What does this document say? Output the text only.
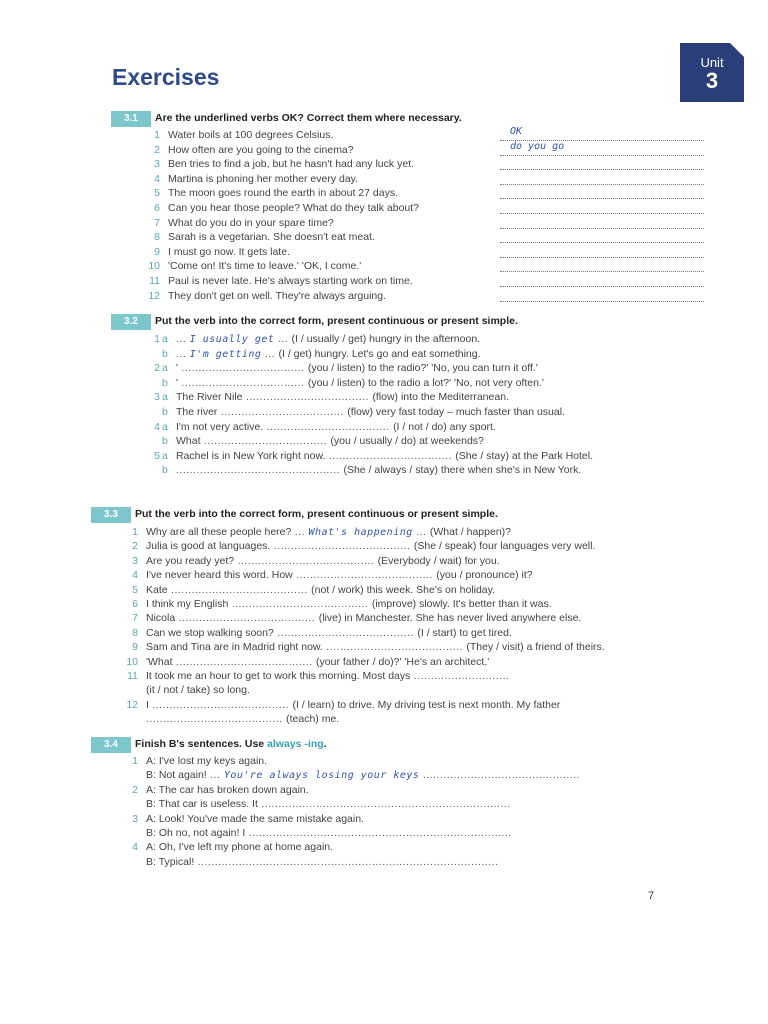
Exercises
Unit
3
3.1	Are the underlined verbs OK? Correct them where necessary.
1 Water boils at 100 degrees Celsius.	OK
2 How often are you going to the cinema?	do you go
3 Ben tries to find a job, but he hasn't had any luck yet.
4 Martina is phoning her mother every day.
5 The moon goes round the earth in about 27 days.
6 Can you hear those people? What do they talk about?
7 What do you do in your spare time?
8 Sarah is a vegetarian. She doesn't eat meat.
9 I must go now. It gets late.
10 'Come on! It's time to leave.' 'OK, I come.'
11 Paul is never late. He's always starting work on time.
12 They don't get on well. They're always arguing.
3.2	Put the verb into the correct form, present continuous or present simple.
1 a ... I usually get ... (I / usually / get) hungry in the afternoon.
b ... I'm getting ... (I / get) hungry. Let's go and eat something.
2 a ' .................................... (you / listen) to the radio?' 'No, you can turn it off.'
b ' .................................... (you / listen) to the radio a lot?' 'No, not very often.'
3 a The River Nile .................................... (flow) into the Mediterranean.
b The river .................................... (flow) very fast today – much faster than usual.
4 a I'm not very active. .................................... (I / not / do) any sport.
b What .................................... (you / usually / do) at weekends?
5 a Rachel is in New York right now. .................................... (She / stay) at the Park Hotel.
b ................................................ (She / always / stay) there when she's in New York.
3.3	Put the verb into the correct form, present continuous or present simple.
1 Why are all these people here? ... What's happening ... (What / happen)?
2 Julia is good at languages. ........................................ (She / speak) four languages very well.
3 Are you ready yet? ........................................ (Everybody / wait) for you.
4 I've never heard this word. How ........................................ (you / pronounce) it?
5 Kate ........................................ (not / work) this week. She's on holiday.
6 I think my English ........................................ (improve) slowly. It's better than it was.
7 Nicola ........................................ (live) in Manchester. She has never lived anywhere else.
8 Can we stop walking soon? ........................................ (I / start) to get tired.
9 Sam and Tina are in Madrid right now. ........................................ (They / visit) a friend of theirs.
10 'What ........................................ (your father / do)?' 'He's an architect.'
11 It took me an hour to get to work this morning. Most days ............................
(it / not / take) so long.
12 I ........................................ (I / learn) to drive. My driving test is next month. My father
........................................ (teach) me.
3.4	Finish B's sentences. Use always -ing.
1 A: I've lost my keys again.
B: Not again! ... You're always losing your keys ..............................................
2 A: The car has broken down again.
B: That car is useless. It .........................................................................
3 A: Look! You've made the same mistake again.
B: Oh no, not again! I .............................................................................
4 A: Oh, I've left my phone at home again.
B: Typical! ........................................................................................
7
